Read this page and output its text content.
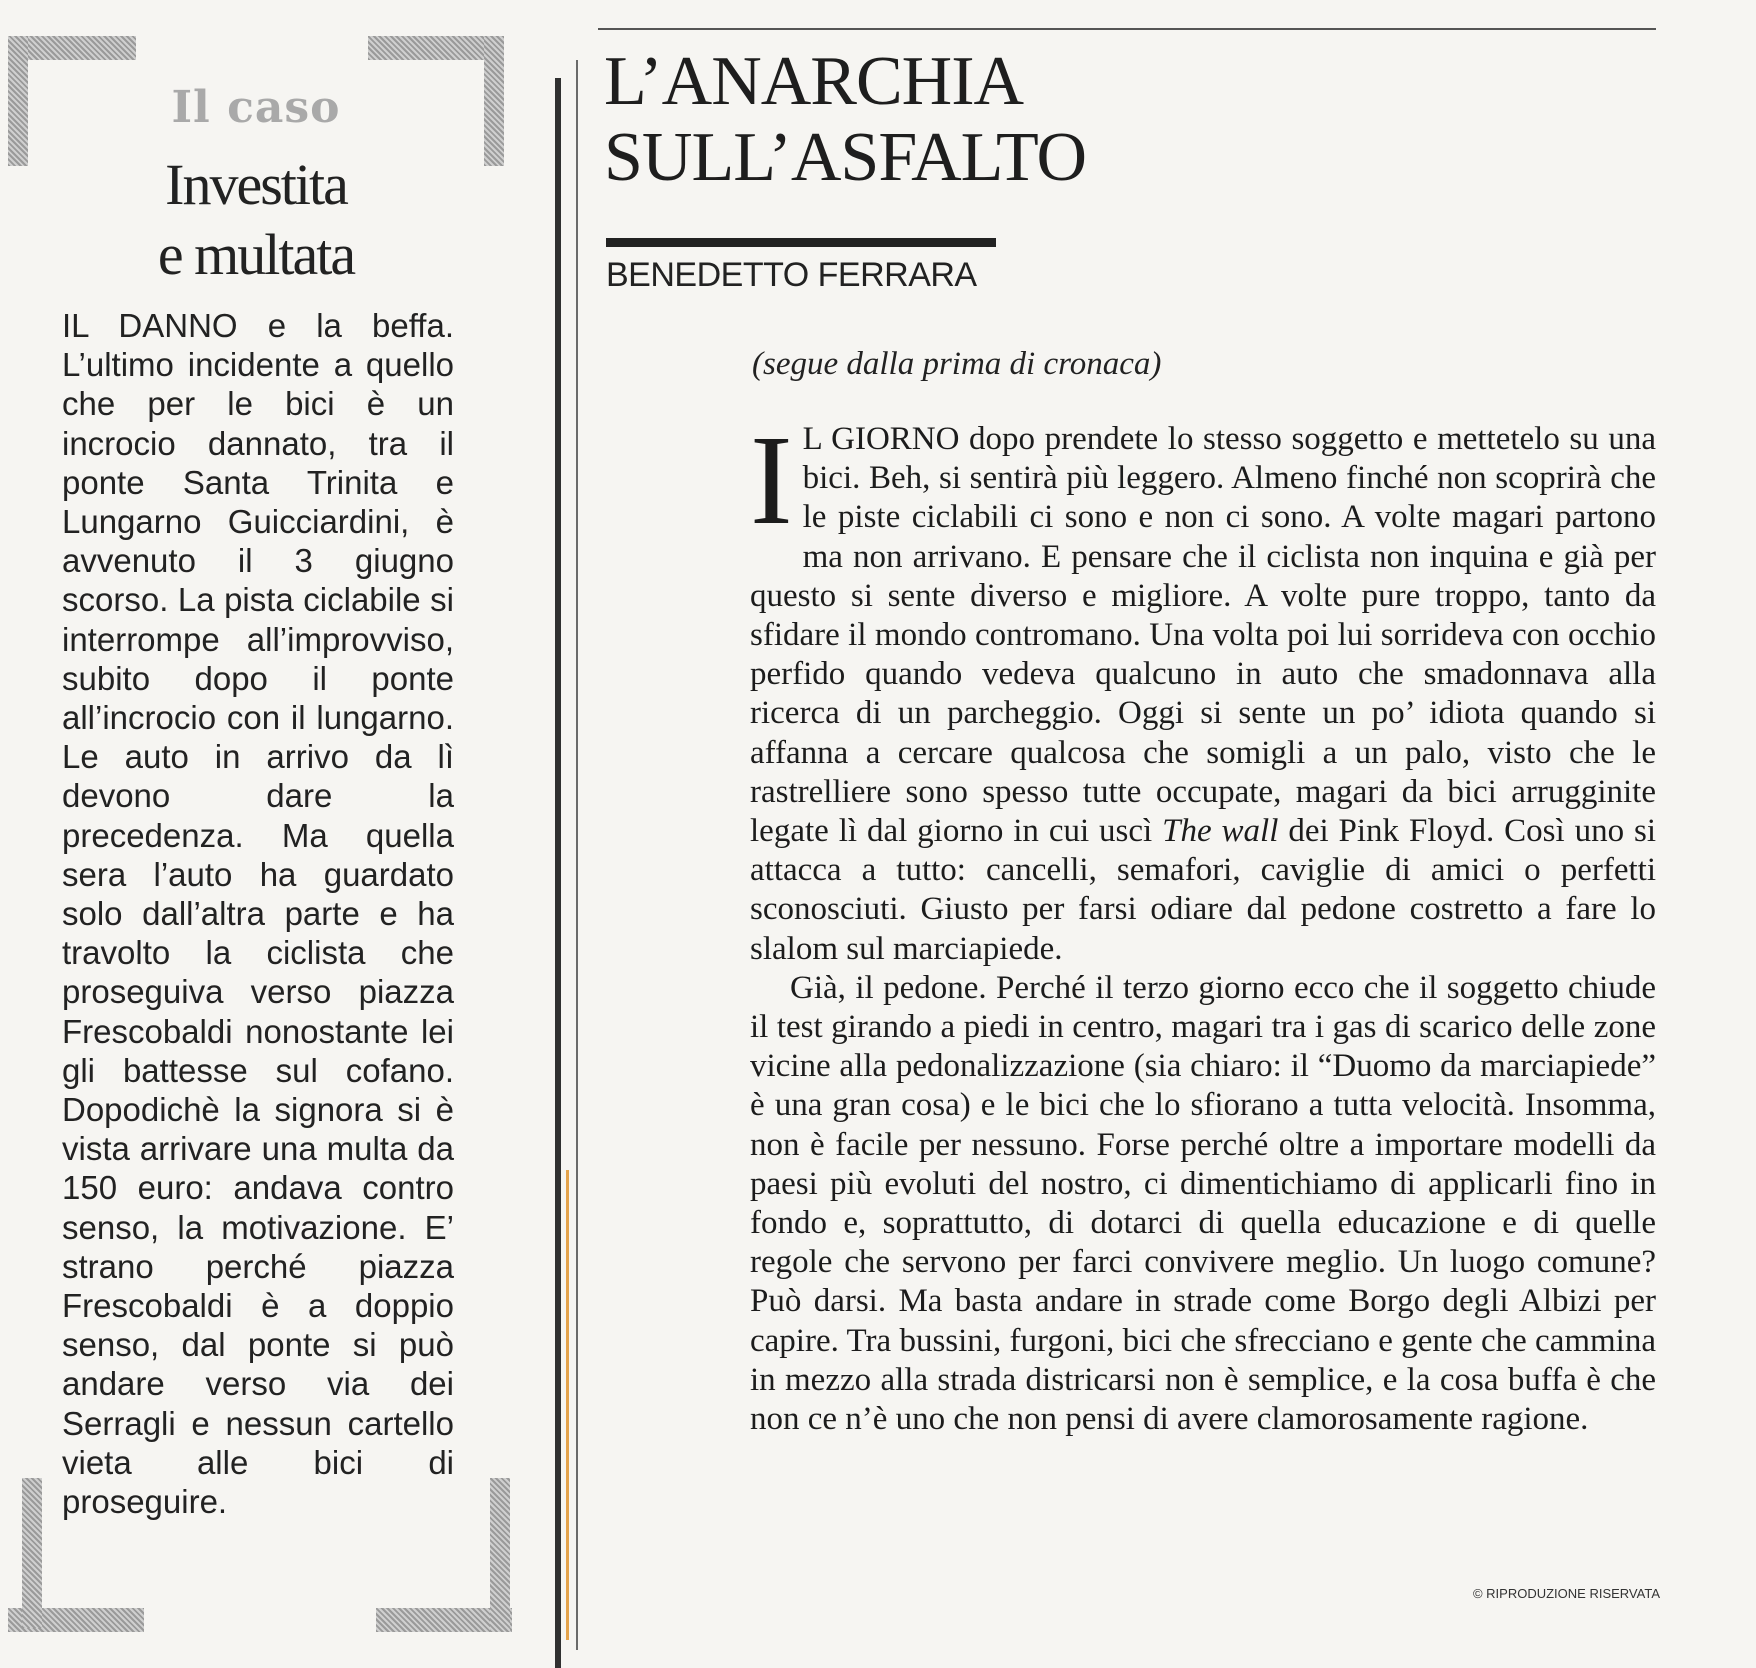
Il caso
Investita
e multata
IL DANNO e la beffa. L’ultimo incidente a quello che per le bici è un incrocio dannato, tra il ponte Santa Trinita e Lungarno Guicciardini, è avvenuto il 3 giugno scorso. La pista ciclabile si interrompe all’improvviso, subito dopo il ponte all’incrocio con il lungarno. Le auto in arrivo da lì devono dare la precedenza. Ma quella sera l’auto ha guardato solo dall’altra parte e ha travolto la ciclista che proseguiva verso piazza Frescobaldi nonostante lei gli battesse sul cofano. Dopodichè la signora si è vista arrivare una multa da 150 euro: andava contro senso, la motivazione. E’ strano perché piazza Frescobaldi è a doppio senso, dal ponte si può andare verso via dei Serragli e nessun cartello vieta alle bici di proseguire.
L’ANARCHIA
SULL’ASFALTO
BENEDETTO FERRARA
(segue dalla prima di cronaca)

I L GIORNO dopo prendete lo stesso soggetto e mettetelo su una bici. Beh, si sentirà più leggero. Almeno finché non scoprirà che le piste ciclabili ci sono e non ci sono. A volte magari partono ma non arrivano. E pensare che il ciclista non inquina e già per questo si sente diverso e migliore. A volte pure troppo, tanto da sfidare il mondo contromano. Una volta poi lui sorrideva con occhio perfido quando vedeva qualcuno in auto che smadonnava alla ricerca di un parcheggio. Oggi si sente un po’ idiota quando si affanna a cercare qualcosa che somigli a un palo, visto che le rastrelliere sono spesso tutte occupate, magari da bici arrugginite legate lì dal giorno in cui uscì The wall dei Pink Floyd. Così uno si attacca a tutto: cancelli, semafori, caviglie di amici o perfetti sconosciuti. Giusto per farsi odiare dal pedone costretto a fare lo slalom sul marciapiede.

Già, il pedone. Perché il terzo giorno ecco che il soggetto chiude il test girando a piedi in centro, magari tra i gas di scarico delle zone vicine alla pedonalizzazione (sia chiaro: il “Duomo da marciapiede” è una gran cosa) e le bici che lo sfiorano a tutta velocità. Insomma, non è facile per nessuno. Forse perché oltre a importare modelli da paesi più evoluti del nostro, ci dimentichiamo di applicarli fino in fondo e, soprattutto, di dotarci di quella educazione e di quelle regole che servono per farci convivere meglio. Un luogo comune? Può darsi. Ma basta andare in strade come Borgo degli Albizi per capire. Tra bussini, furgoni, bici che sfrecciano e gente che cammina in mezzo alla strada districarsi non è semplice, e la cosa buffa è che non ce n’è uno che non pensi di avere clamorosamente ragione.

© RIPRODUZIONE RISERVATA
